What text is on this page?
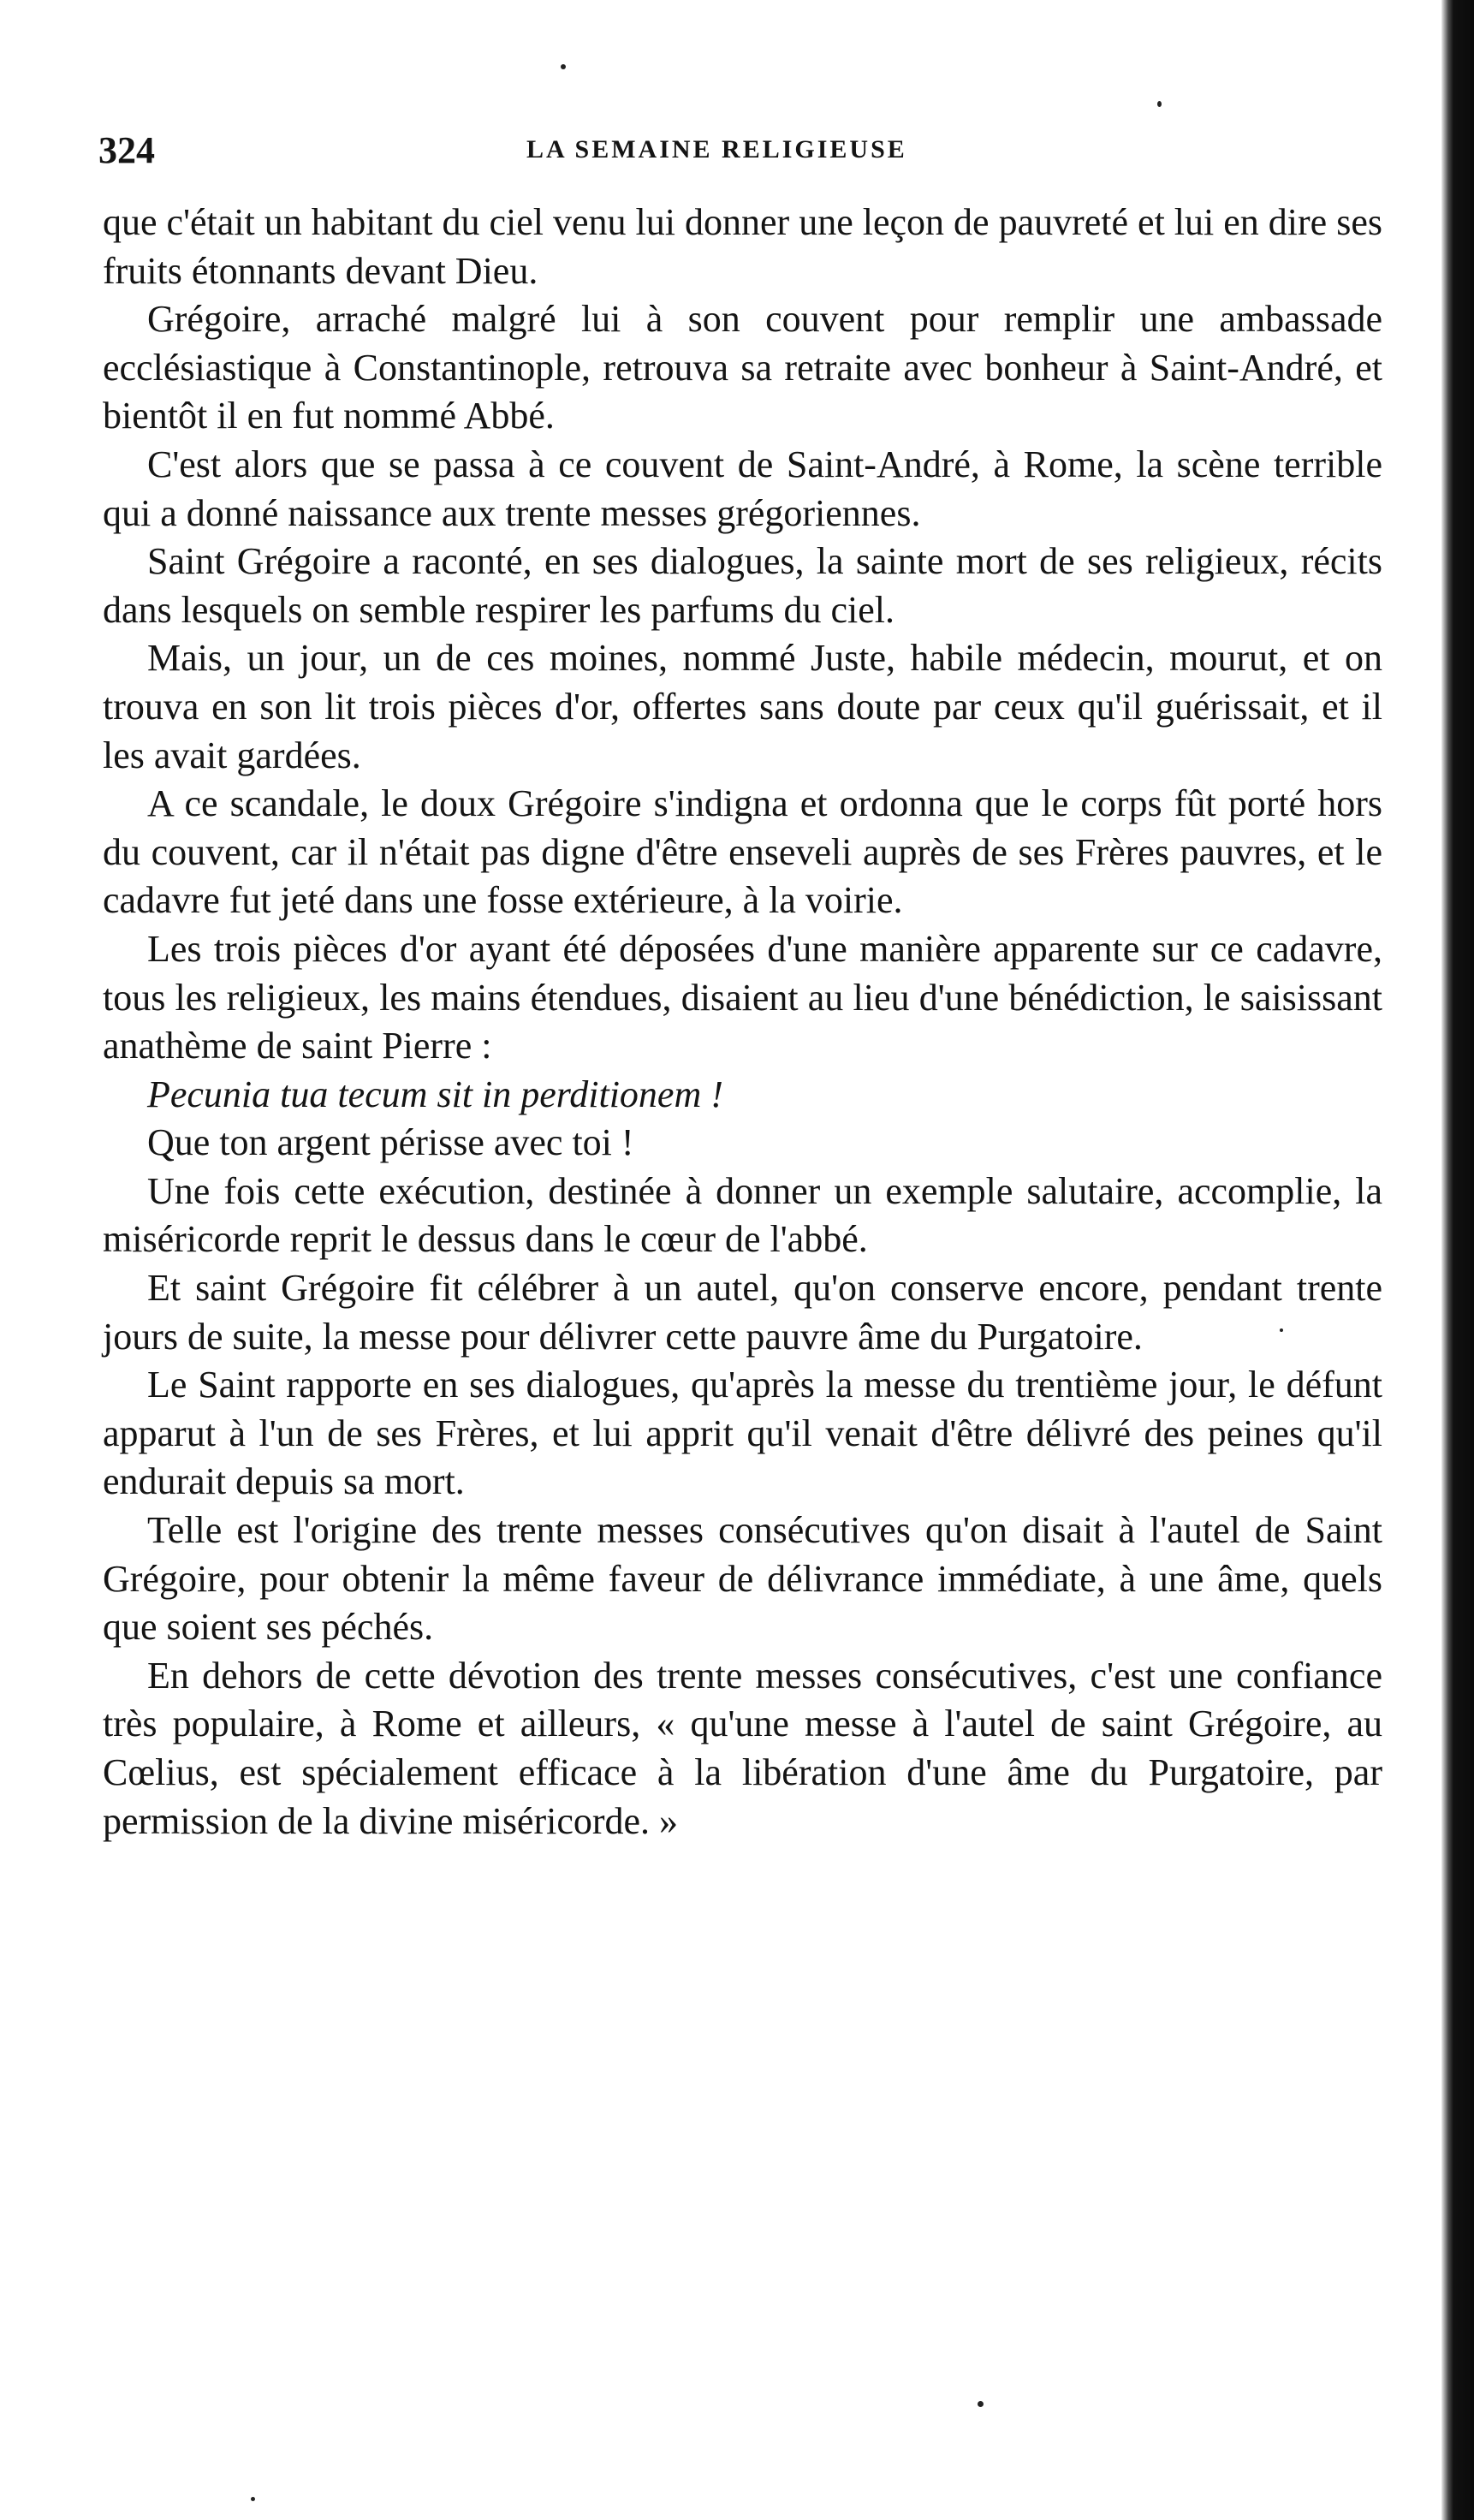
324	LA SEMAINE RELIGIEUSE

que c'était un habitant du ciel venu lui donner une leçon de pauvreté et lui en dire ses fruits étonnants devant Dieu.

Grégoire, arraché malgré lui à son couvent pour remplir une ambassade ecclésiastique à Constantinople, retrouva sa retraite avec bonheur à Saint-André, et bientôt il en fut nommé Abbé.

C'est alors que se passa à ce couvent de Saint-André, à Rome, la scène terrible qui a donné naissance aux trente messes grégoriennes.

Saint Grégoire a raconté, en ses dialogues, la sainte mort de ses religieux, récits dans lesquels on semble respirer les parfums du ciel.

Mais, un jour, un de ces moines, nommé Juste, habile médecin, mourut, et on trouva en son lit trois pièces d'or, offertes sans doute par ceux qu'il guérissait, et il les avait gardées.

A ce scandale, le doux Grégoire s'indigna et ordonna que le corps fût porté hors du couvent, car il n'était pas digne d'être enseveli auprès de ses Frères pauvres, et le cadavre fut jeté dans une fosse extérieure, à la voirie.

Les trois pièces d'or ayant été déposées d'une manière apparente sur ce cadavre, tous les religieux, les mains étendues, disaient au lieu d'une bénédiction, le saisissant anathème de saint Pierre :

Pecunia tua tecum sit in perditionem !

Que ton argent périsse avec toi !

Une fois cette exécution, destinée à donner un exemple salutaire, accomplie, la miséricorde reprit le dessus dans le cœur de l'abbé.

Et saint Grégoire fit célébrer à un autel, qu'on conserve encore, pendant trente jours de suite, la messe pour délivrer cette pauvre âme du Purgatoire.

Le Saint rapporte en ses dialogues, qu'après la messe du trentième jour, le défunt apparut à l'un de ses Frères, et lui apprit qu'il venait d'être délivré des peines qu'il endurait depuis sa mort.

Telle est l'origine des trente messes consécutives qu'on disait à l'autel de Saint Grégoire, pour obtenir la même faveur de délivrance immédiate, à une âme, quels que soient ses péchés.

En dehors de cette dévotion des trente messes consécutives, c'est une confiance très populaire, à Rome et ailleurs, « qu'une messe à l'autel de saint Grégoire, au Cœlius, est spécialement efficace à la libération d'une âme du Purgatoire, par permission de la divine miséricorde. »
